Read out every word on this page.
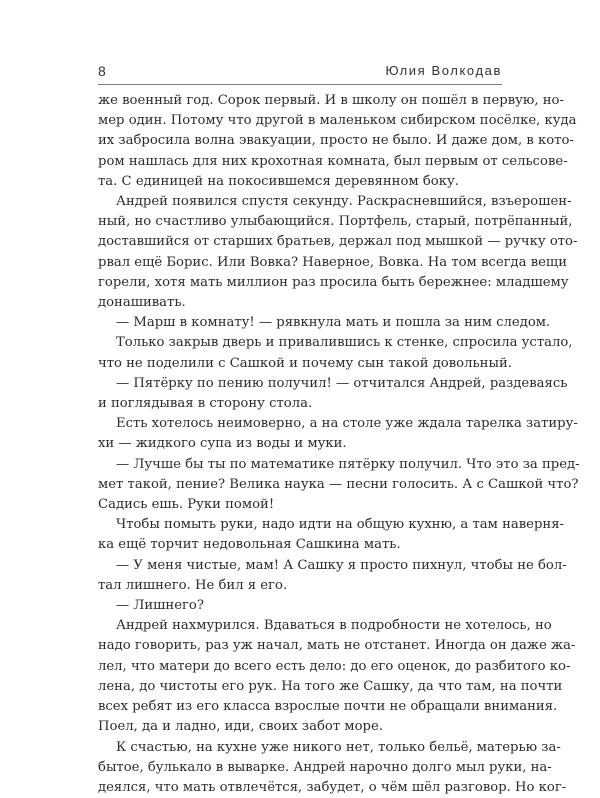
8	Юлия Волкодав
же военный год. Сорок первый. И в школу он пошёл в первую, но-
мер один. Потому что другой в маленьком сибирском посёлке, куда
их забросила волна эвакуации, просто не было. И даже дом, в кото-
ром нашлась для них крохотная комната, был первым от сельсове-
та. С единицей на покосившемся деревянном боку.
Андрей появился спустя секунду. Раскрасневшийся, взъерошен-
ный, но счастливо улыбающийся. Портфель, старый, потрёпанный,
доставшийся от старших братьев, держал под мышкой — ручку ото-
рвал ещё Борис. Или Вовка? Наверное, Вовка. На том всегда вещи
горели, хотя мать миллион раз просила быть бережнее: младшему
донашивать.
— Марш в комнату! — рявкнула мать и пошла за ним следом.
Только закрыв дверь и привалившись к стенке, спросила устало,
что не поделили с Сашкой и почему сын такой довольный.
— Пятёрку по пению получил! — отчитался Андрей, раздеваясь
и поглядывая в сторону стола.
Есть хотелось неимоверно, а на столе уже ждала тарелка затиру-
хи — жидкого супа из воды и муки.
— Лучше бы ты по математике пятёрку получил. Что это за пред-
мет такой, пение? Велика наука — песни голосить. А с Сашкой что?
Садись ешь. Руки помой!
Чтобы помыть руки, надо идти на общую кухню, а там наверня-
ка ещё торчит недовольная Сашкина мать.
— У меня чистые, мам! А Сашку я просто пихнул, чтобы не бол-
тал лишнего. Не бил я его.
— Лишнего?
Андрей нахмурился. Вдаваться в подробности не хотелось, но
надо говорить, раз уж начал, мать не отстанет. Иногда он даже жа-
лел, что матери до всего есть дело: до его оценок, до разбитого ко-
лена, до чистоты его рук. На того же Сашку, да что там, на почти
всех ребят из его класса взрослые почти не обращали внимания.
Поел, да и ладно, иди, своих забот море.
К счастью, на кухне уже никого нет, только бельё, матерью за-
бытое, булькало в выварке. Андрей нарочно долго мыл руки, на-
деялся, что мать отвлечётся, забудет, о чём шёл разговор. Но ког-
